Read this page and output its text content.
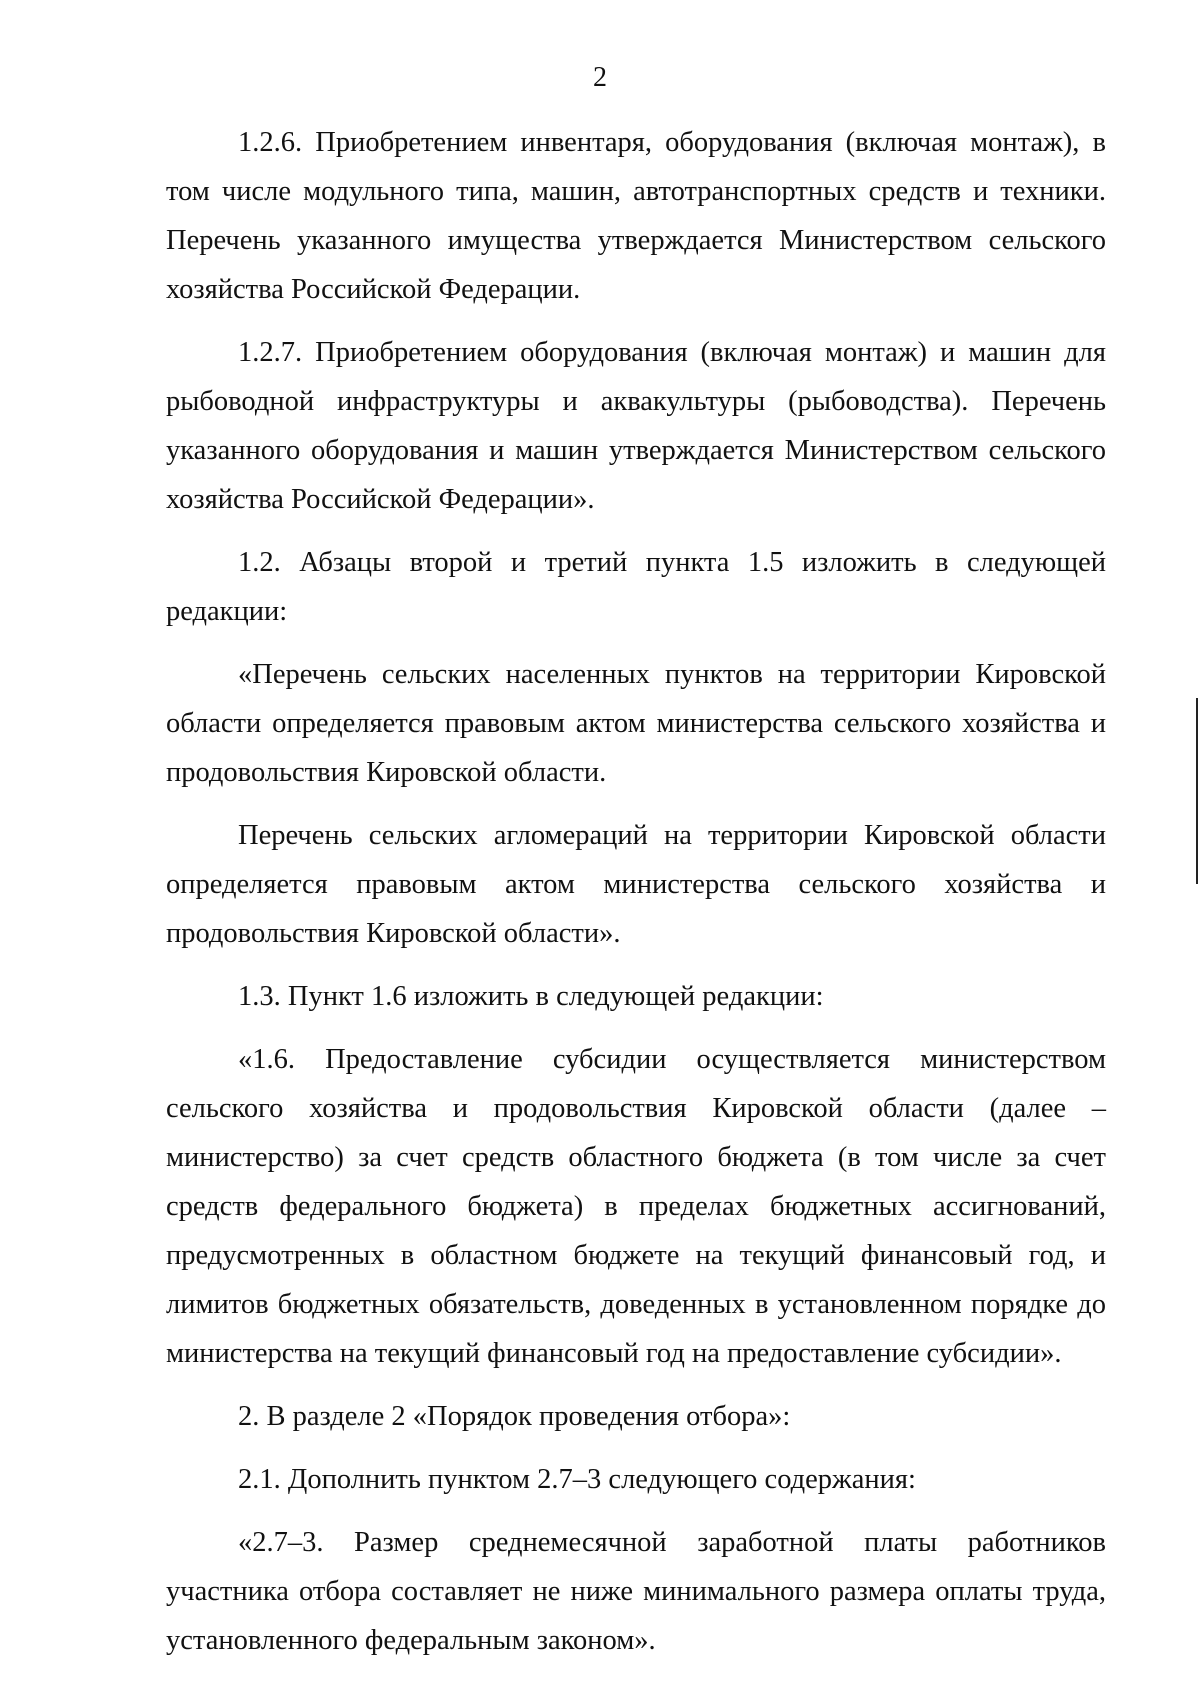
2

1.2.6. Приобретением инвентаря, оборудования (включая монтаж), в том числе модульного типа, машин, автотранспортных средств и техники. Перечень указанного имущества утверждается Министерством сельского хозяйства Российской Федерации.

1.2.7. Приобретением оборудования (включая монтаж) и машин для рыбоводной инфраструктуры и аквакультуры (рыбоводства). Перечень указанного оборудования и машин утверждается Министерством сельского хозяйства Российской Федерации».

1.2. Абзацы второй и третий пункта 1.5 изложить в следующей редакции:

«Перечень сельских населенных пунктов на территории Кировской области определяется правовым актом министерства сельского хозяйства и продовольствия Кировской области.

Перечень сельских агломераций на территории Кировской области определяется правовым актом министерства сельского хозяйства и продовольствия Кировской области».

1.3. Пункт 1.6 изложить в следующей редакции:

«1.6. Предоставление субсидии осуществляется министерством сельского хозяйства и продовольствия Кировской области (далее – министерство) за счет средств областного бюджета (в том числе за счет средств федерального бюджета) в пределах бюджетных ассигнований, предусмотренных в областном бюджете на текущий финансовый год, и лимитов бюджетных обязательств, доведенных в установленном порядке до министерства на текущий финансовый год на предоставление субсидии».

2. В разделе 2 «Порядок проведения отбора»:

2.1. Дополнить пунктом 2.7–3 следующего содержания:

«2.7–3. Размер среднемесячной заработной платы работников участника отбора составляет не ниже минимального размера оплаты труда, установленного федеральным законом».
